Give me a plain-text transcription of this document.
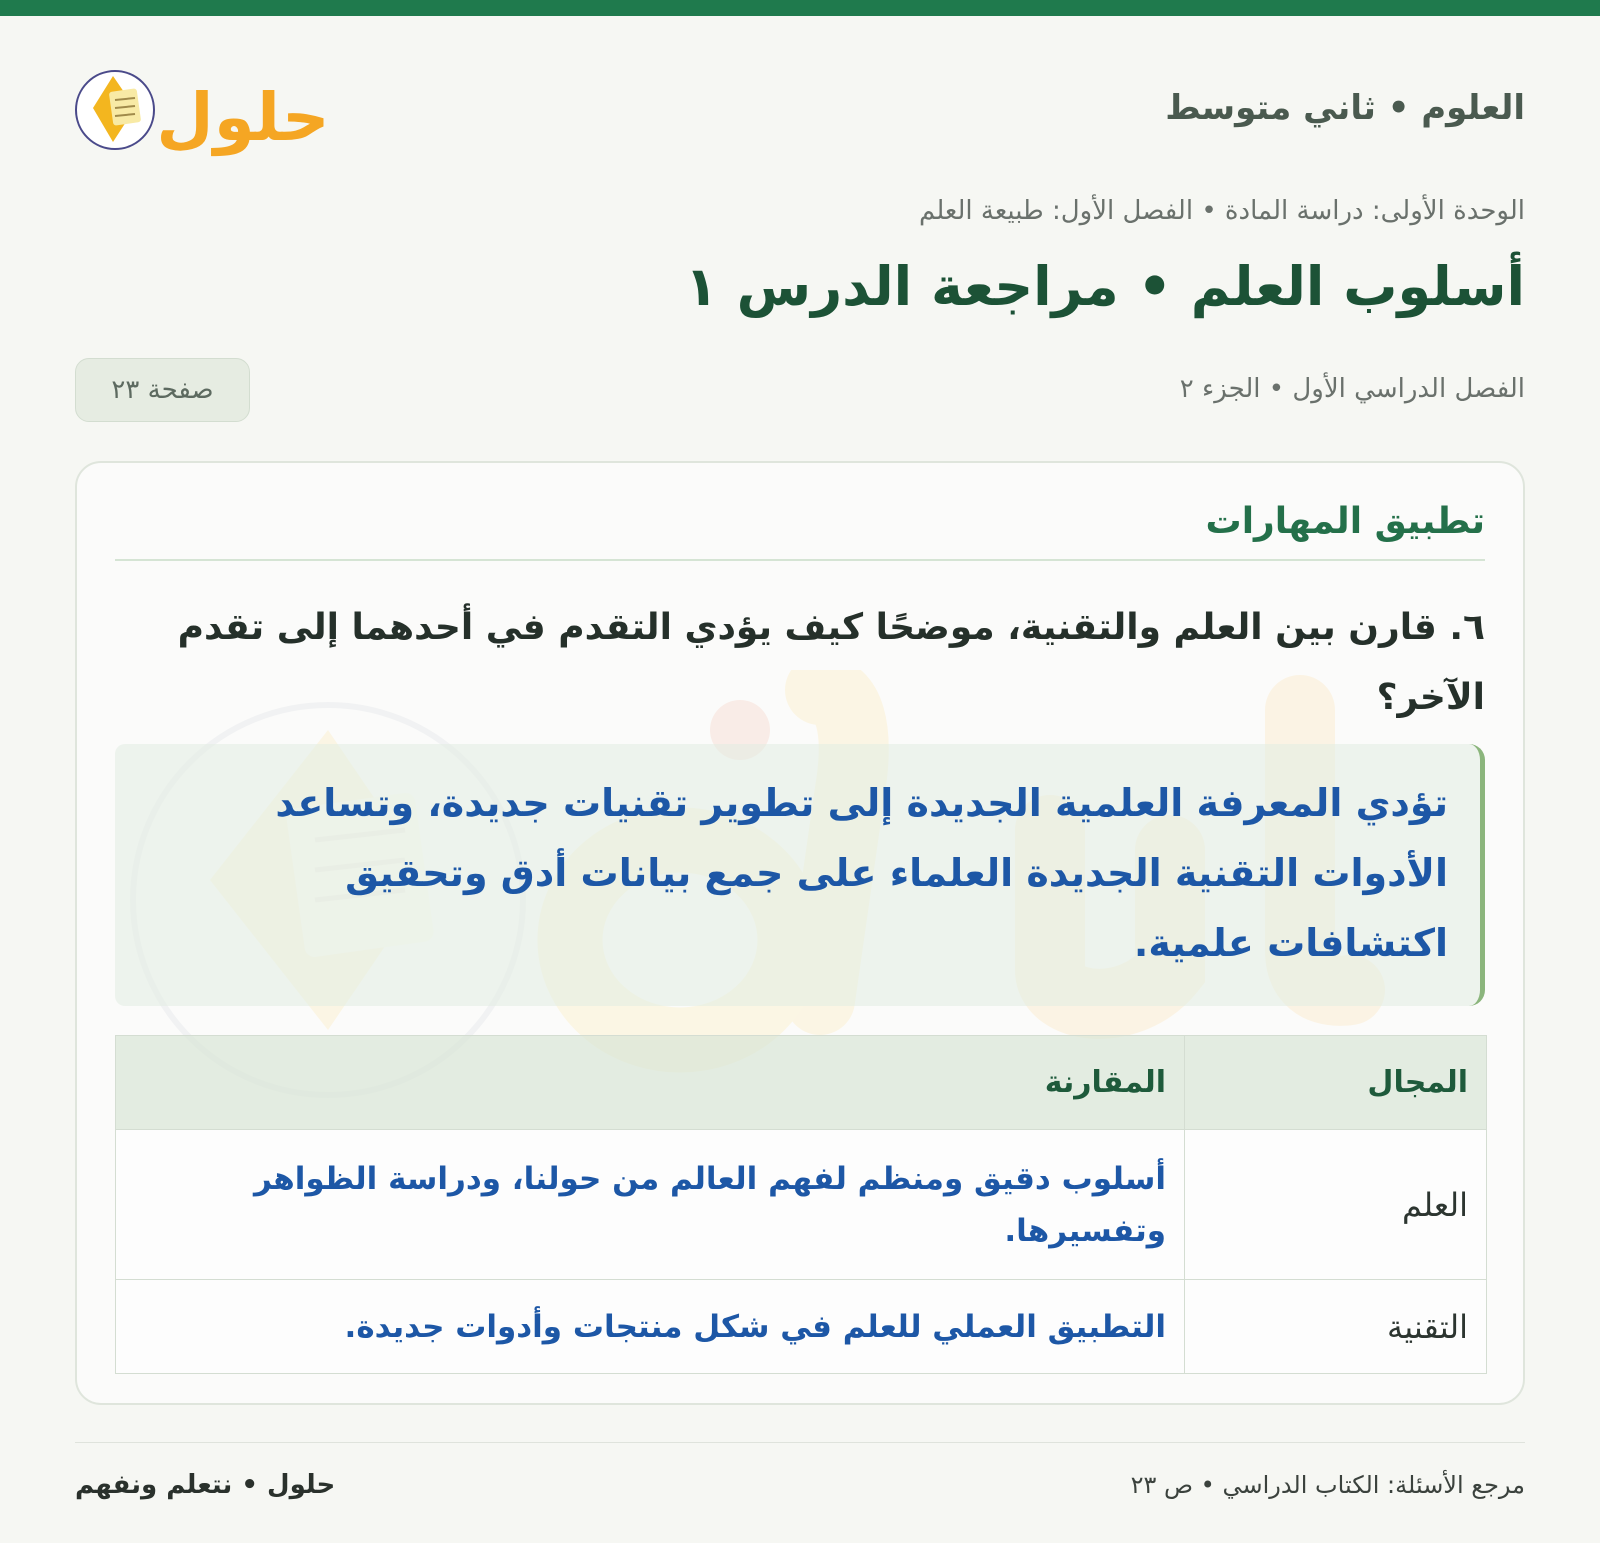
العلوم • ثاني متوسط
حلول
الوحدة الأولى: دراسة المادة • الفصل الأول: طبيعة العلم
أسلوب العلم • مراجعة الدرس ١
الفصل الدراسي الأول • الجزء ٢
صفحة ٢٣
تطبيق المهارات
٦. قارن بين العلم والتقنية، موضحًا كيف يؤدي التقدم في أحدهما إلى تقدم الآخر؟
تؤدي المعرفة العلمية الجديدة إلى تطوير تقنيات جديدة، وتساعد الأدوات التقنية الجديدة العلماء على جمع بيانات أدق وتحقيق اكتشافات علمية.
المجال	المقارنة
العلم	أسلوب دقيق ومنظم لفهم العالم من حولنا، ودراسة الظواهر وتفسيرها.
التقنية	التطبيق العملي للعلم في شكل منتجات وأدوات جديدة.
مرجع الأسئلة: الكتاب الدراسي • ص ٢٣
حلول • نتعلم ونفهم
